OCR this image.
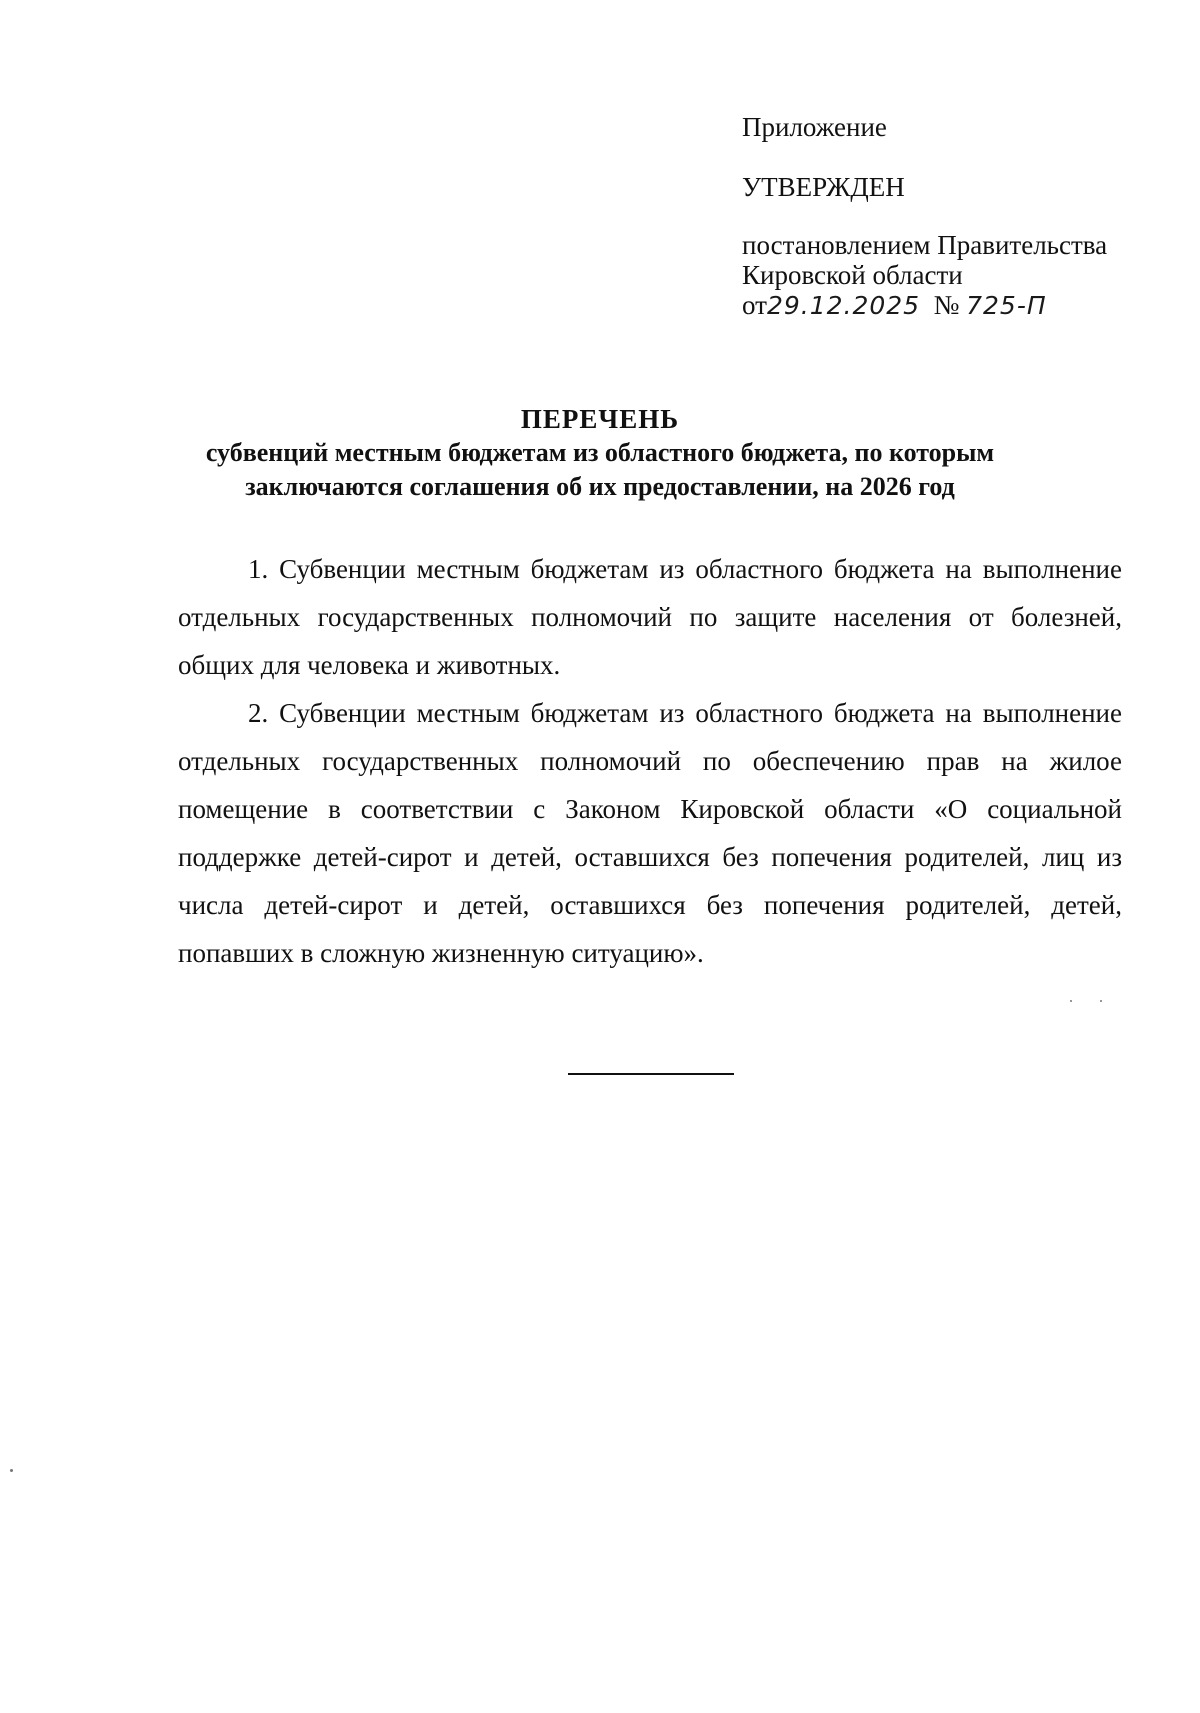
Приложение
УТВЕРЖДЕН
постановлением Правительства
Кировской области
от29.12.2025 № 725-П
ПЕРЕЧЕНЬ
субвенций местным бюджетам из областного бюджета, по которым
заключаются соглашения об их предоставлении, на 2026 год

1. Субвенции местным бюджетам из областного бюджета на выполнение отдельных государственных полномочий по защите населения от болезней, общих для человека и животных.

2. Субвенции местным бюджетам из областного бюджета на выполнение отдельных государственных полномочий по обеспечению прав на жилое помещение в соответствии с Законом Кировской области «О социальной поддержке детей-сирот и детей, оставшихся без попечения родителей, лиц из числа детей-сирот и детей, оставшихся без попечения родителей, детей, попавших в сложную жизненную ситуацию».
